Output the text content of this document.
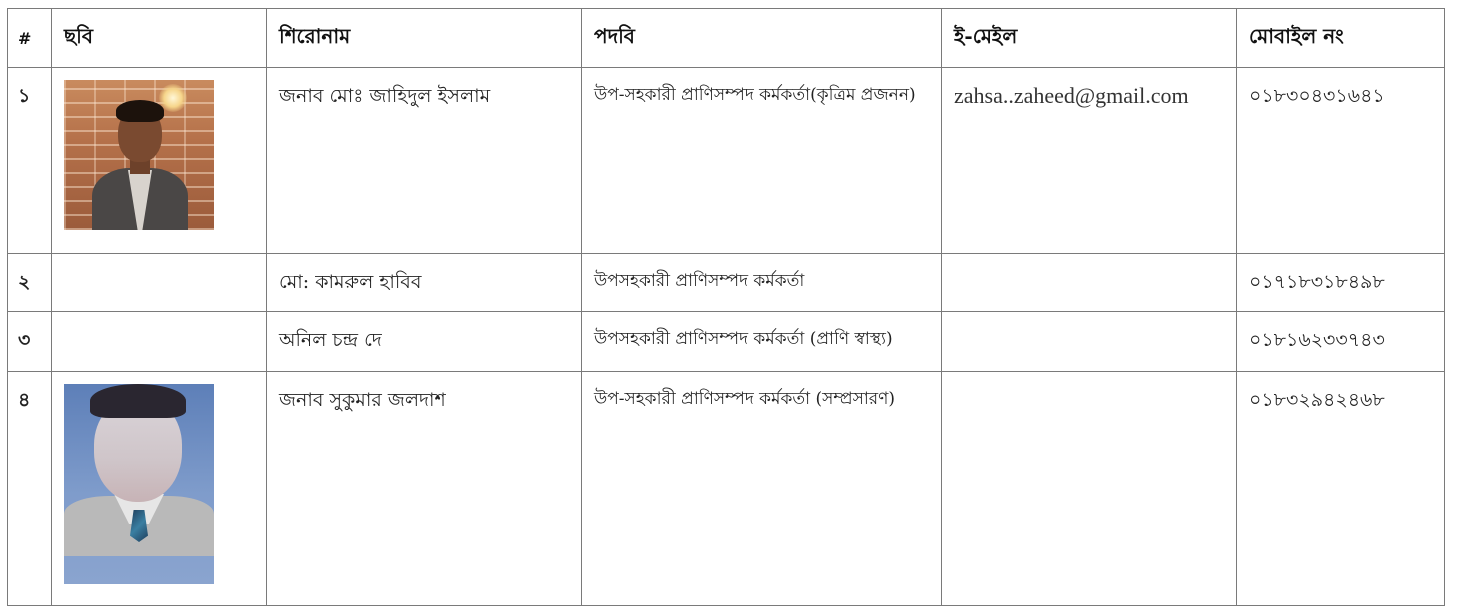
#	ছবি	শিরোনাম	পদবি	ই-মেইল	মোবাইল নং

১		জনাব মোঃ জাহিদুল ইসলাম	উপ-সহকারী প্রাণিসম্পদ কর্মকর্তা(কৃত্রিম প্রজনন)	zahsa..zaheed@gmail.com	০১৮৩০৪৩১৬৪১

২		মো: কামরুল হাবিব	উপসহকারী প্রাণিসম্পদ কর্মকর্তা		০১৭১৮৩১৮৪৯৮

৩		অনিল চন্দ্র দে	উপসহকারী প্রাণিসম্পদ কর্মকর্তা (প্রাণি স্বাস্থ্য)		০১৮১৬২৩৩৭৪৩

৪		জনাব সুকুমার জলদাশ	উপ-সহকারী প্রাণিসম্পদ কর্মকর্তা (সম্প্রসারণ)		০১৮৩২৯৪২৪৬৮
